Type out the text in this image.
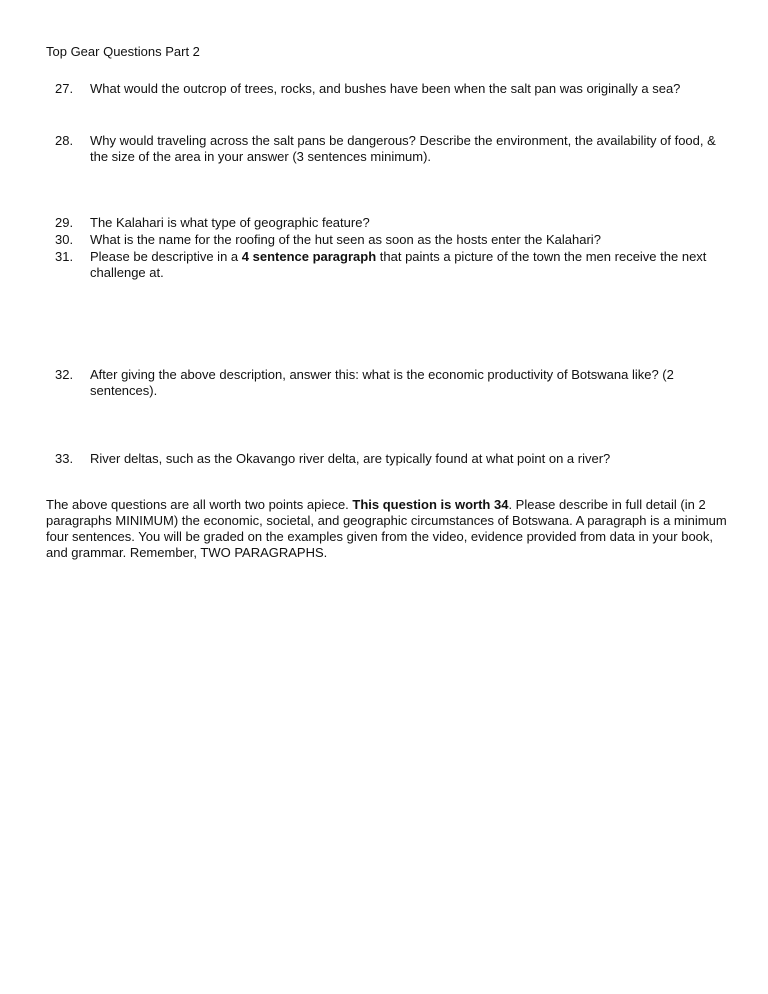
Top Gear Questions Part 2
27.	What would the outcrop of trees, rocks, and bushes have been when the salt pan was originally a sea?
28.	Why would traveling across the salt pans be dangerous? Describe the environment, the availability of food, & the size of the area in your answer (3 sentences minimum).
29.	The Kalahari is what type of geographic feature?
30.	What is the name for the roofing of the hut seen as soon as the hosts enter the Kalahari?
31.	Please be descriptive in a 4 sentence paragraph that paints a picture of the town the men receive the next challenge at.
32.	After giving the above description, answer this: what is the economic productivity of Botswana like? (2 sentences).
33.	River deltas, such as the Okavango river delta, are typically found at what point on a river?
The above questions are all worth two points apiece. This question is worth 34. Please describe in full detail (in 2 paragraphs MINIMUM) the economic, societal, and geographic circumstances of Botswana. A paragraph is a minimum four sentences. You will be graded on the examples given from the video, evidence provided from data in your book, and grammar. Remember, TWO PARAGRAPHS.
